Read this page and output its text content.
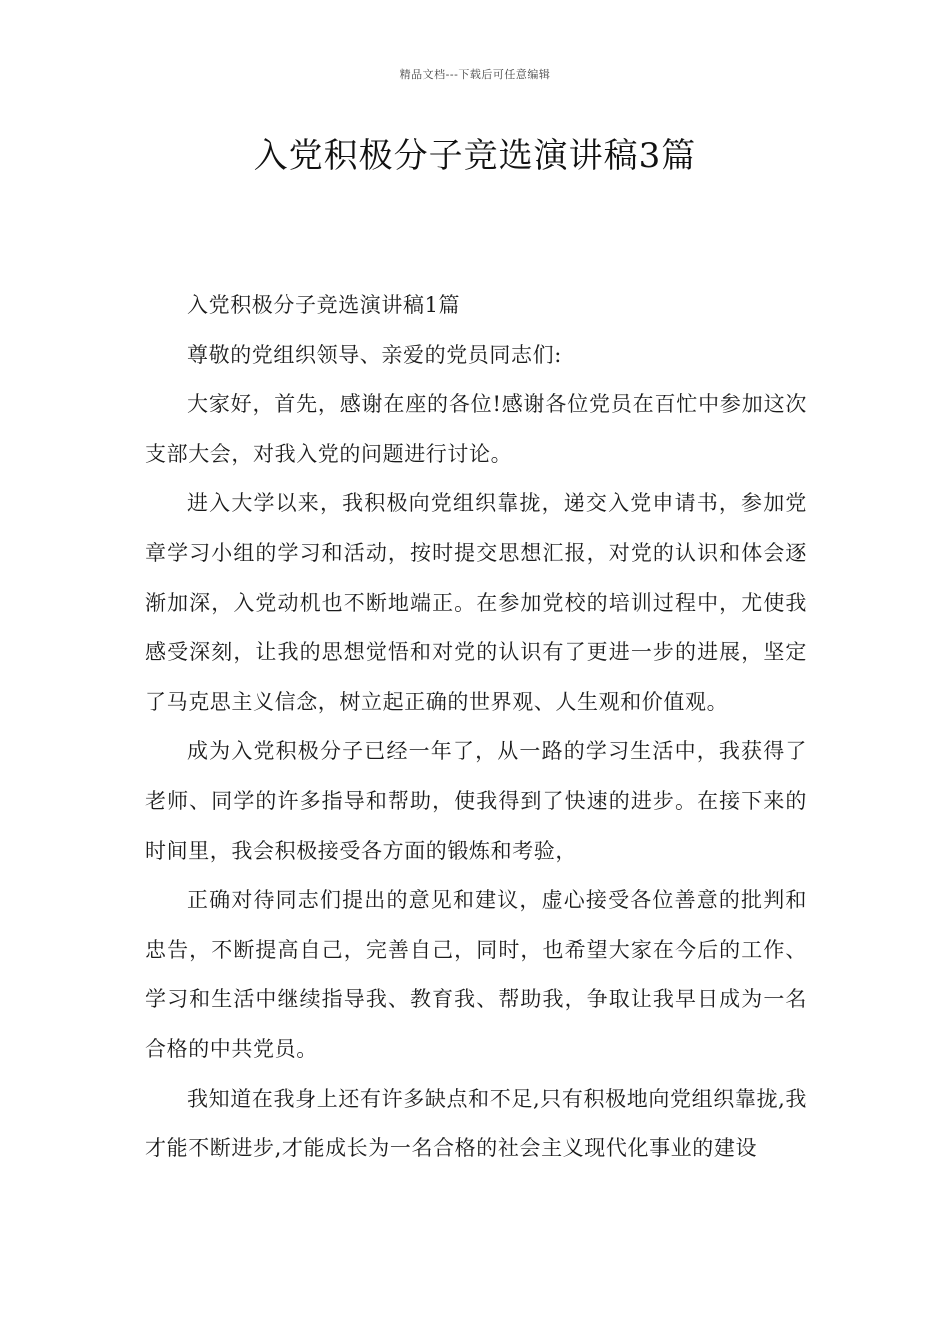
精品文档---下载后可任意编辑
入党积极分子竞选演讲稿3篇

入党积极分子竞选演讲稿1篇

尊敬的党组织领导、亲爱的党员同志们:

大家好，首先，感谢在座的各位!感谢各位党员在百忙中参加这次支部大会，对我入党的问题进行讨论。

进入大学以来，我积极向党组织靠拢，递交入党申请书，参加党章学习小组的学习和活动，按时提交思想汇报，对党的认识和体会逐渐加深，入党动机也不断地端正。在参加党校的培训过程中，尤使我感受深刻，让我的思想觉悟和对党的认识有了更进一步的进展，坚定了马克思主义信念，树立起正确的世界观、人生观和价值观。

成为入党积极分子已经一年了，从一路的学习生活中，我获得了老师、同学的许多指导和帮助，使我得到了快速的进步。在接下来的时间里，我会积极接受各方面的锻炼和考验，

正确对待同志们提出的意见和建议，虚心接受各位善意的批判和忠告，不断提高自己，完善自己，同时，也希望大家在今后的工作、学习和生活中继续指导我、教育我、帮助我，争取让我早日成为一名合格的中共党员。

我知道在我身上还有许多缺点和不足,只有积极地向党组织靠拢,我才能不断进步,才能成长为一名合格的社会主义现代化事业的建设
